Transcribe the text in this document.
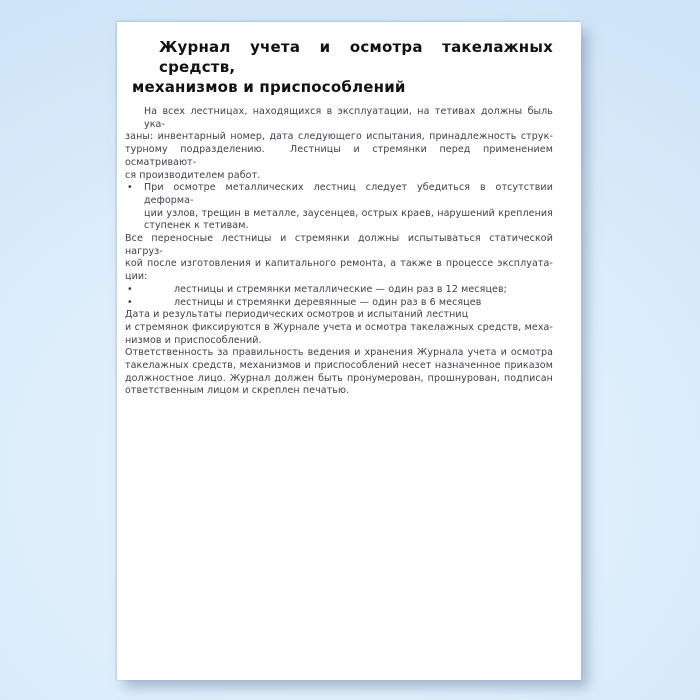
Журнал учета и осмотра такелажных средств,
механизмов и приспособлений
На всех лестницах, находящихся в эксплуатации, на тетивах должны быль ука-
заны: инвентарный номер, дата следующего испытания, принадлежность струк-
турному подразделению.  Лестницы и стремянки перед применением осматривают-
ся производителем работ.
• При осмотре металлических лестниц следует убедиться в отсутствии деформа-
ции узлов, трещин в металле, заусенцев, острых краев, нарушений крепления
ступенек к тетивам.
Все переносные лестницы и стремянки должны испытываться статической нагруз-
кой после изготовления и капитального ремонта, а также в процессе эксплуата-
ции:
•	лестницы и стремянки металлические — один раз в 12 месяцев;
•	лестницы и стремянки деревянные — один раз в 6 месяцев
Дата и результаты периодических осмотров и испытаний лестниц
и стремянок фиксируются в Журнале учета и осмотра такелажных средств, меха-
низмов и приспособлений.
Ответственность за правильность ведения и хранения Журнала учета и осмотра
такелажных средств, механизмов и приспособлений несет назначенное приказом
должностное лицо. Журнал должен быть пронумерован, прошнурован, подписан
ответственным лицом и скреплен печатью.
